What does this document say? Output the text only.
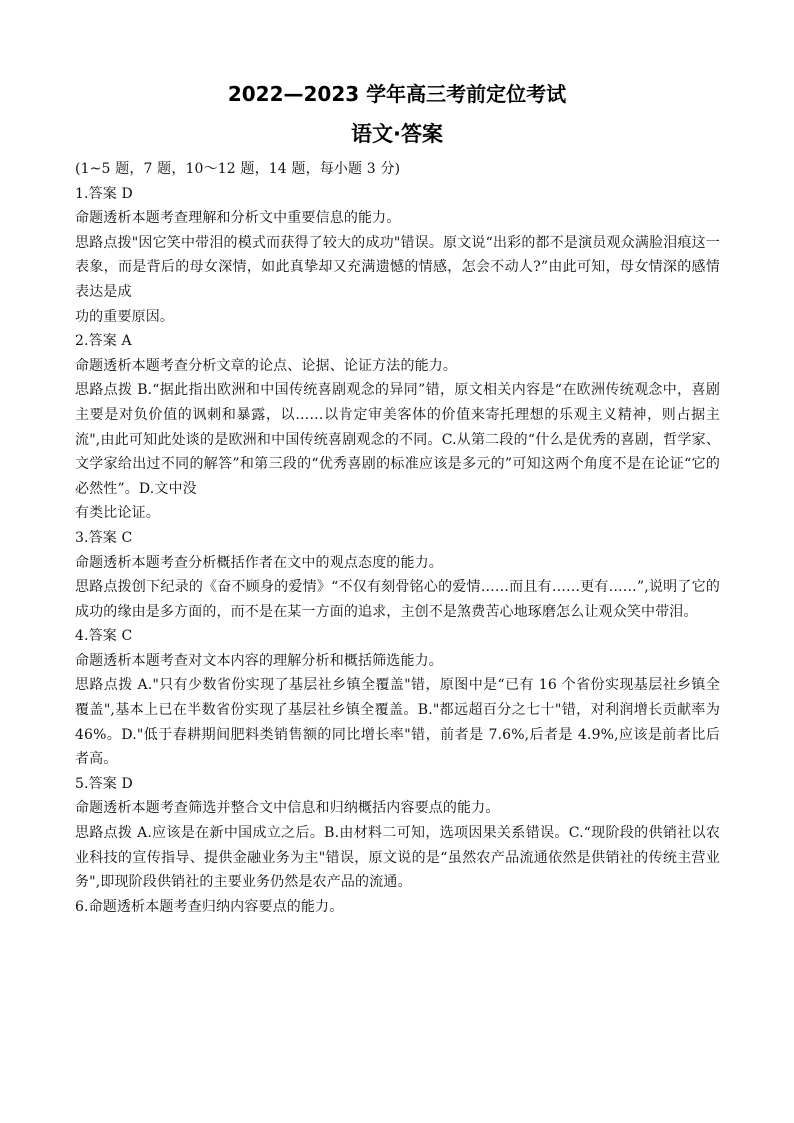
2022—2023 学年高三考前定位考试
语文·答案

(1~5 题，7 题，10～12 题，14 题，每小题 3 分)

1.答案 D

命题透析本题考查理解和分析文中重要信息的能力。

思路点拨"因它笑中带泪的模式而获得了较大的成功"错误。原文说“出彩的都不是演员观众满脸泪痕这一表象，而是背后的母女深情，如此真挚却又充满遗憾的情感，怎会不动人?”由此可知，母女情深的感情表达是成

功的重要原因。

2.答案 A

命题透析本题考查分析文章的论点、论据、论证方法的能力。

思路点拨 B.“据此指出欧洲和中国传统喜剧观念的异同”错，原文相关内容是“在欧洲传统观念中，喜剧主要是对负价值的讽刺和暴露，以……以肯定审美客体的价值来寄托理想的乐观主义精神，则占据主流",由此可知此处谈的是欧洲和中国传统喜剧观念的不同。C.从第二段的“什么是优秀的喜剧，哲学家、文学家给出过不同的解答”和第三段的“优秀喜剧的标准应该是多元的”可知这两个角度不是在论证“它的必然性”。D.文中没

有类比论证。

3.答案 C

命题透析本题考查分析概括作者在文中的观点态度的能力。

思路点拨创下纪录的《奋不顾身的爱情》“不仅有刻骨铭心的爱情……而且有……更有……”,说明了它的成功的缘由是多方面的，而不是在某一方面的追求，主创不是煞费苦心地琢磨怎么让观众笑中带泪。

4.答案 C

命题透析本题考查对文本内容的理解分析和概括筛选能力。

思路点拨 A."只有少数省份实现了基层社乡镇全覆盖"错，原图中是“已有 16 个省份实现基层社乡镇全覆盖",基本上已在半数省份实现了基层社乡镇全覆盖。B."都远超百分之七十"错，对利润增长贡献率为 46%。D."低于春耕期间肥料类销售额的同比增长率"错，前者是 7.6%,后者是 4.9%,应该是前者比后者高。

5.答案 D

命题透析本题考查筛选并整合文中信息和归纳概括内容要点的能力。

思路点拨 A.应该是在新中国成立之后。B.由材料二可知，选项因果关系错误。C.“现阶段的供销社以农业科技的宣传指导、提供金融业务为主"错误，原文说的是“虽然农产品流通依然是供销社的传统主营业务",即现阶段供销社的主要业务仍然是农产品的流通。

6.命题透析本题考查归纳内容要点的能力。
